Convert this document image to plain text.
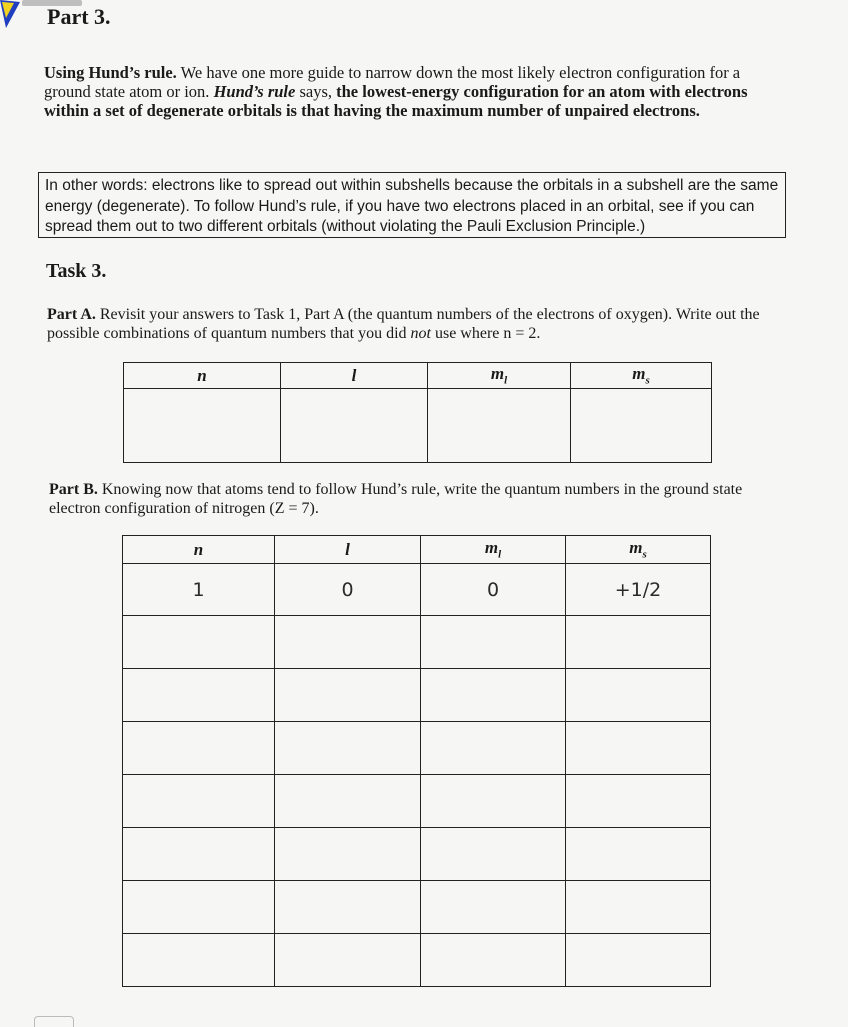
Part 3.
Using Hund’s rule. We have one more guide to narrow down the most likely electron configuration for a ground state atom or ion. Hund’s rule says, the lowest-energy configuration for an atom with electrons within a set of degenerate orbitals is that having the maximum number of unpaired electrons.
In other words: electrons like to spread out within subshells because the orbitals in a subshell are the same energy (degenerate). To follow Hund’s rule, if you have two electrons placed in an orbital, see if you can spread them out to two different orbitals (without violating the Pauli Exclusion Principle.)
Task 3.
Part A. Revisit your answers to Task 1, Part A (the quantum numbers of the electrons of oxygen). Write out the possible combinations of quantum numbers that you did not use where n = 2.
n	l	$m_l$	$m_s$

Part B. Knowing now that atoms tend to follow Hund’s rule, write the quantum numbers in the ground state electron configuration of nitrogen (Z = 7).
n	l	$m_l$	$m_s$
1	0	0	+1/2
